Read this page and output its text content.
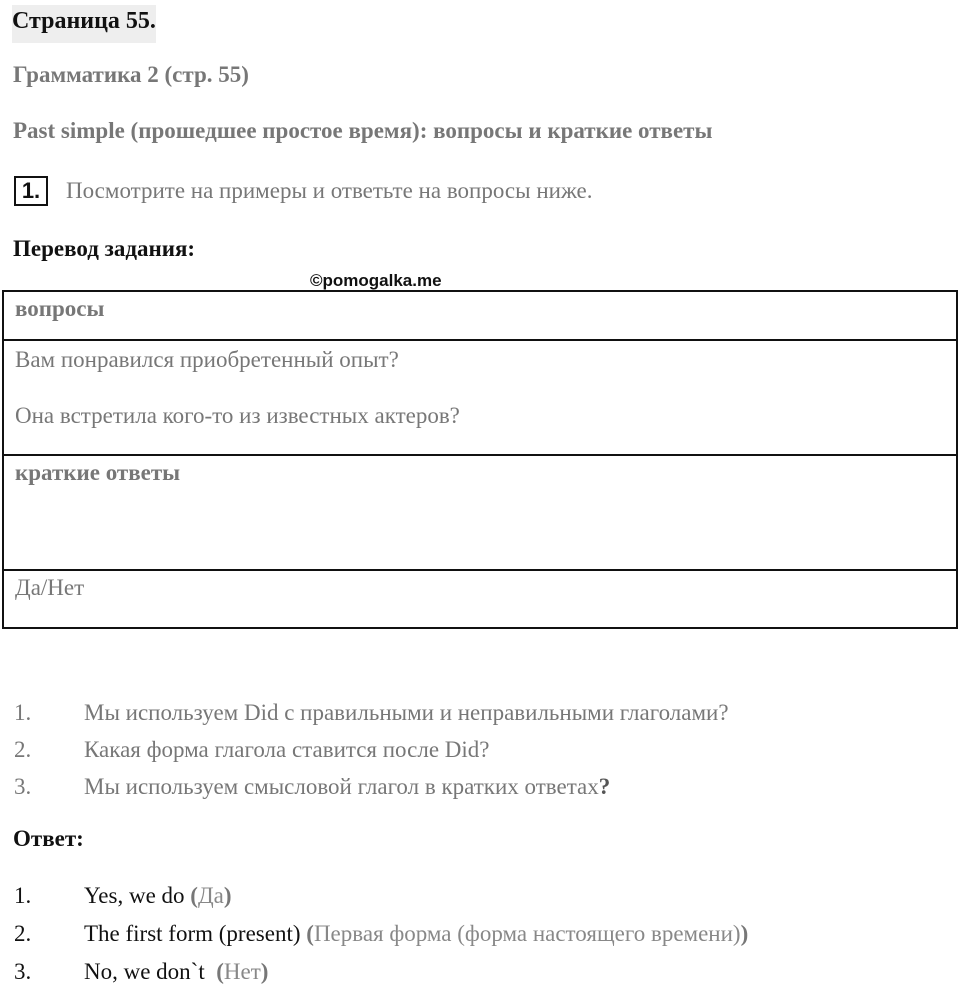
Страница 55.
Грамматика 2 (стр. 55)
Past simple (прошедшее простое время): вопросы и краткие ответы
1.	Посмотрите на примеры и ответьте на вопросы ниже.
Перевод задания:
©pomogalka.me
вопросы

Вам понравился приобретенный опыт?
Она встретила кого-то из известных актеров?

краткие ответы
Да/Нет
1.	Мы используем Did с правильными и неправильными глаголами?
2.	Какая форма глагола ставится после Did?
3.	Мы используем смысловой глагол в кратких ответах?
Ответ:
1.	Yes, we do (Да)
2.	The first form (present) (Первая форма (форма настоящего времени))
3.	No, we don`t  (Нет)
